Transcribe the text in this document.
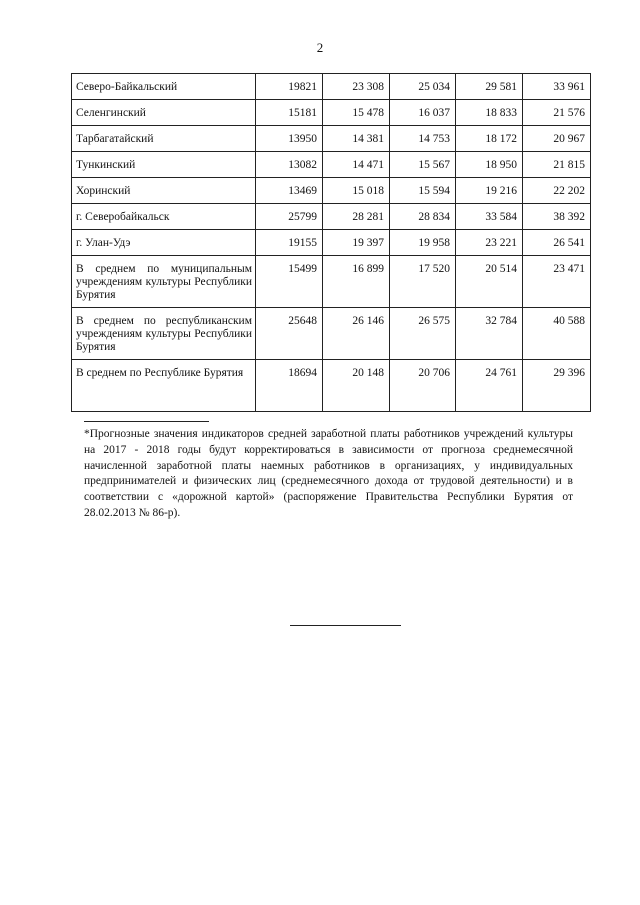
2
Северо-Байкальский	19821	23 308	25 034	29 581	33 961
Селенгинский	15181	15 478	16 037	18 833	21 576
Тарбагатайский	13950	14 381	14 753	18 172	20 967
Тункинский	13082	14 471	15 567	18 950	21 815
Хоринский	13469	15 018	15 594	19 216	22 202
г. Северобайкальск	25799	28 281	28 834	33 584	38 392
г. Улан-Удэ	19155	19 397	19 958	23 221	26 541
В среднем по муниципальным учреждениям культуры Республики Бурятия	15499	16 899	17 520	20 514	23 471
В среднем по республиканским учреждениям культуры Республики Бурятия	25648	26 146	26 575	32 784	40 588
В среднем по Республике Бурятия	18694	20 148	20 706	24 761	29 396
*Прогнозные значения индикаторов средней заработной платы работников учреждений культуры на 2017 - 2018 годы будут корректироваться в зависимости от прогноза среднемесячной начисленной заработной платы наемных работников в организациях, у индивидуальных предпринимателей и физических лиц (среднемесячного дохода от трудовой деятельности) и в соответствии с «дорожной картой» (распоряжение Правительства Республики Бурятия от 28.02.2013 № 86-р).
